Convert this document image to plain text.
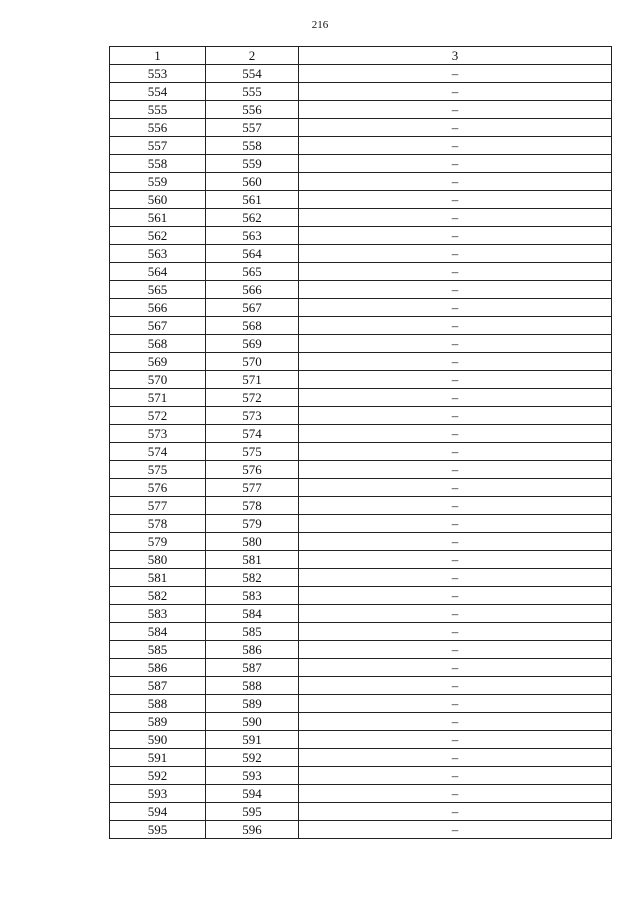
216
1	2	3
553	554	–
554	555	–
555	556	–
556	557	–
557	558	–
558	559	–
559	560	–
560	561	–
561	562	–
562	563	–
563	564	–
564	565	–
565	566	–
566	567	–
567	568	–
568	569	–
569	570	–
570	571	–
571	572	–
572	573	–
573	574	–
574	575	–
575	576	–
576	577	–
577	578	–
578	579	–
579	580	–
580	581	–
581	582	–
582	583	–
583	584	–
584	585	–
585	586	–
586	587	–
587	588	–
588	589	–
589	590	–
590	591	–
591	592	–
592	593	–
593	594	–
594	595	–
595	596	–
